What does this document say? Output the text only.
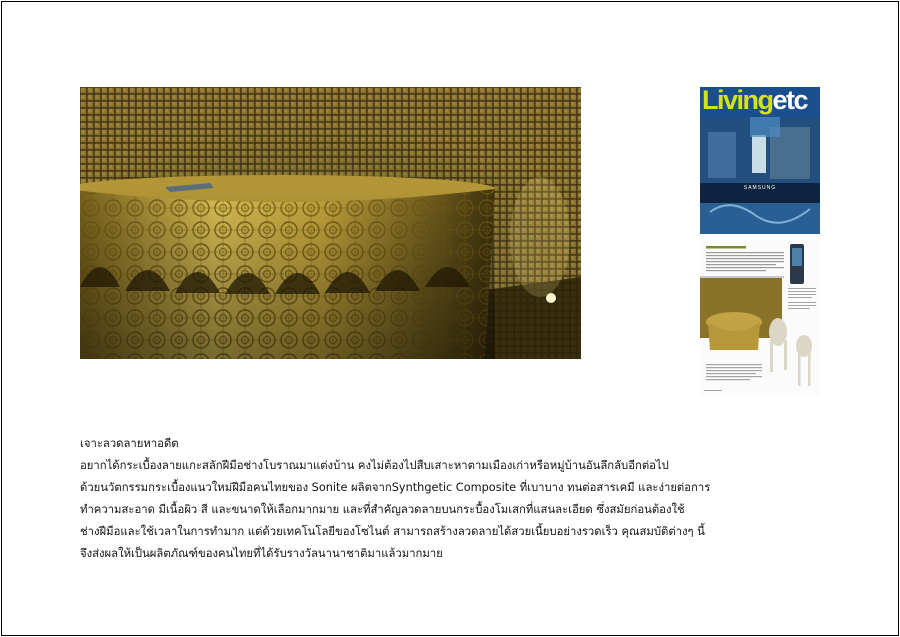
Livingetc
SAMSUNG

เจาะลวดลายหาอดีต

อยากได้กระเบื้องลายแกะสลักฝีมือช่างโบราณมาแต่งบ้าน คงไม่ต้องไปสืบเสาะหาตามเมืองเก่าหรือหมู่บ้านอันลึกลับอีกต่อไป

ด้วยนวัตกรรมกระเบื้องแนวใหม่ฝีมือคนไทยของ Sonite ผลิตจากSynthgetic Composite ที่เบาบาง ทนต่อสารเคมี และง่ายต่อการ

ทำความสะอาด มีเนื้อผิว สี และขนาดให้เลือกมากมาย และที่สำคัญลวดลายบนกระบื้องโมเสกที่แสนละเอียด ซึ่งสมัยก่อนต้องใช้

ช่างฝีมือและใช้เวลาในการทำมาก แต่ด้วยเทคโนโลยีของโซไนต์ สามารถสร้างลวดลายได้สวยเนี้ยบอย่างรวดเร็ว คุณสมบัติต่างๆ นี้

จึงส่งผลให้เป็นผลิตภัณฑ์ของคนไทยที่ได้รับรางวัลนานาชาติมาแล้วมากมาย
